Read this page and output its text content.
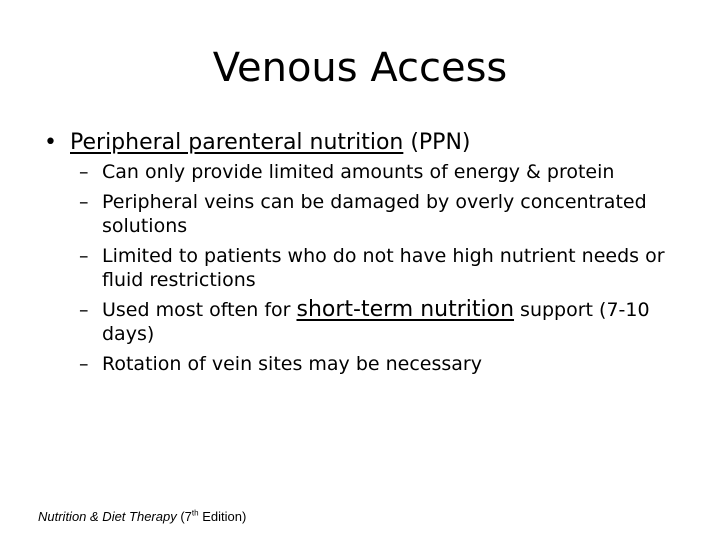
Venous Access
• Peripheral parenteral nutrition (PPN)
– Can only provide limited amounts of energy & protein
– Peripheral veins can be damaged by overly concentrated solutions
– Limited to patients who do not have high nutrient needs or fluid restrictions
– Used most often for short-term nutrition support (7-10 days)
– Rotation of vein sites may be necessary
Nutrition & Diet Therapy (7th Edition)
